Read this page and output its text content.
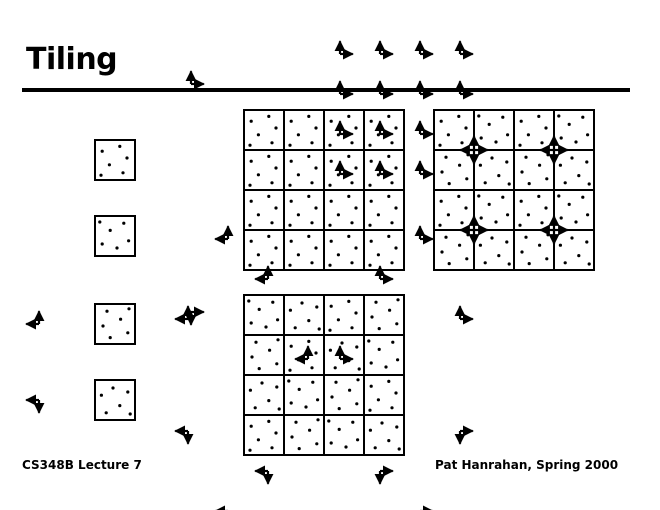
Tiling
CS348B Lecture 7	Pat Hanrahan, Spring 2000
